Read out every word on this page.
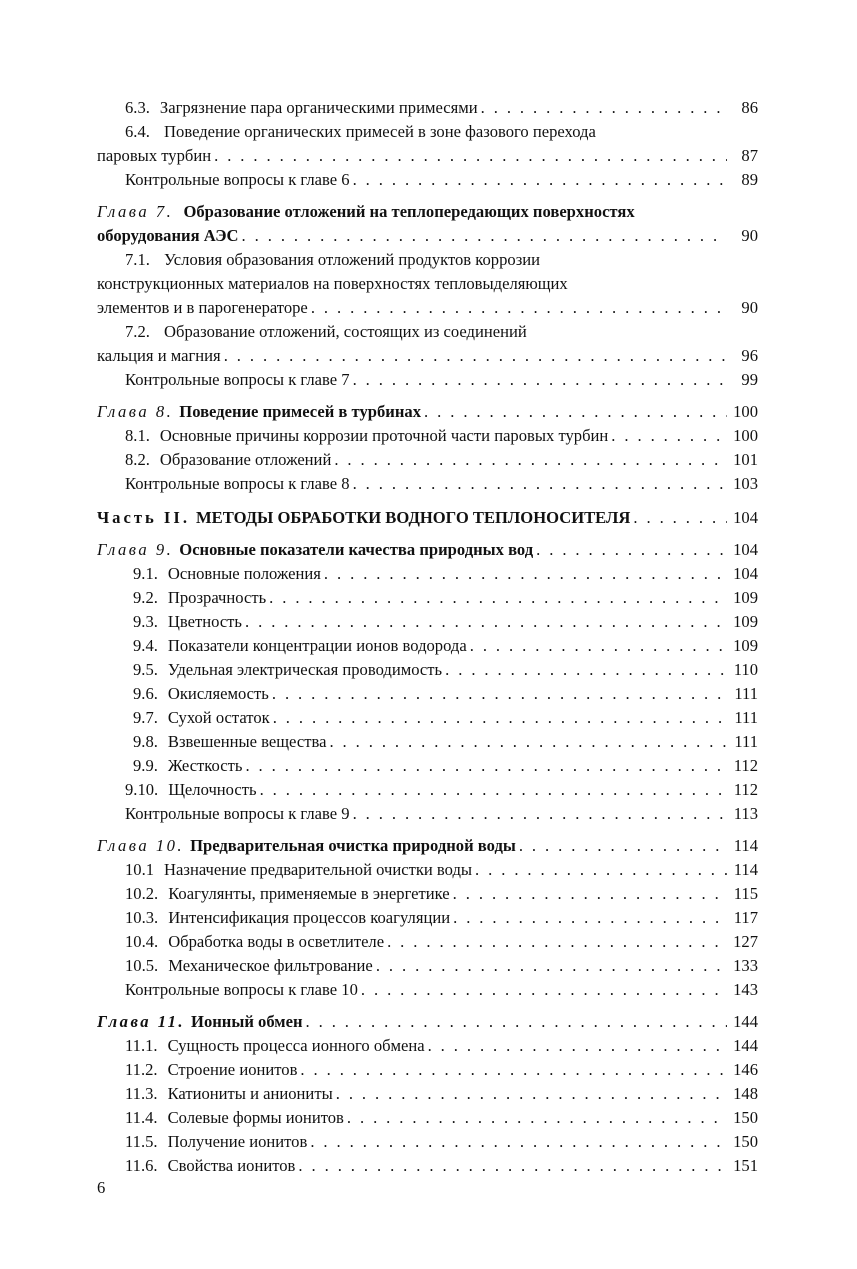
6.3. Загрязнение пара органическими примесями . . .	86
6.4. Поведение органических примесей в зоне фазового перехода
паровых турбин . . .	87
Контрольные вопросы к главе 6 . . .	89
Глава 7. Образование отложений на теплопередающих поверхностях
оборудования АЭС . . .	90
7.1. Условия образования отложений продуктов коррозии
конструкционных материалов на поверхностях тепловыделяющих
элементов и в парогенераторе . . .	90
7.2. Образование отложений, состоящих из соединений
кальция и магния . . .	96
Контрольные вопросы к главе 7 . . .	99
Глава 8. Поведение примесей в турбинах . . .	100
8.1. Основные причины коррозии проточной части паровых турбин . . .	100
8.2. Образование отложений . . .	101
Контрольные вопросы к главе 8 . . .	103
Часть II. МЕТОДЫ ОБРАБОТКИ ВОДНОГО ТЕПЛОНОСИТЕЛЯ . . .	104
Глава 9. Основные показатели качества природных вод . . .	104
9.1. Основные положения . . .	104
9.2. Прозрачность . . .	109
9.3. Цветность . . .	109
9.4. Показатели концентрации ионов водорода . . .	109
9.5. Удельная электрическая проводимость . . .	110
9.6. Окисляемость . . .	111
9.7. Сухой остаток . . .	111
9.8. Взвешенные вещества . . .	111
9.9. Жесткость . . .	112
9.10. Щелочность . . .	112
Контрольные вопросы к главе 9 . . .	113
Глава 10. Предварительная очистка природной воды . . .	114
10.1 Назначение предварительной очистки воды . . .	114
10.2. Коагулянты, применяемые в энергетике . . .	115
10.3. Интенсификация процессов коагуляции . . .	117
10.4. Обработка воды в осветлителе . . .	127
10.5. Механическое фильтрование . . .	133
Контрольные вопросы к главе 10 . . .	143
Глава 11. Ионный обмен . . .	144
11.1. Сущность процесса ионного обмена . . .	144
11.2. Строение ионитов . . .	146
11.3. Катиониты и аниониты . . .	148
11.4. Солевые формы ионитов . . .	150
11.5. Получение ионитов . . .	150
11.6. Свойства ионитов . . .	151
6
